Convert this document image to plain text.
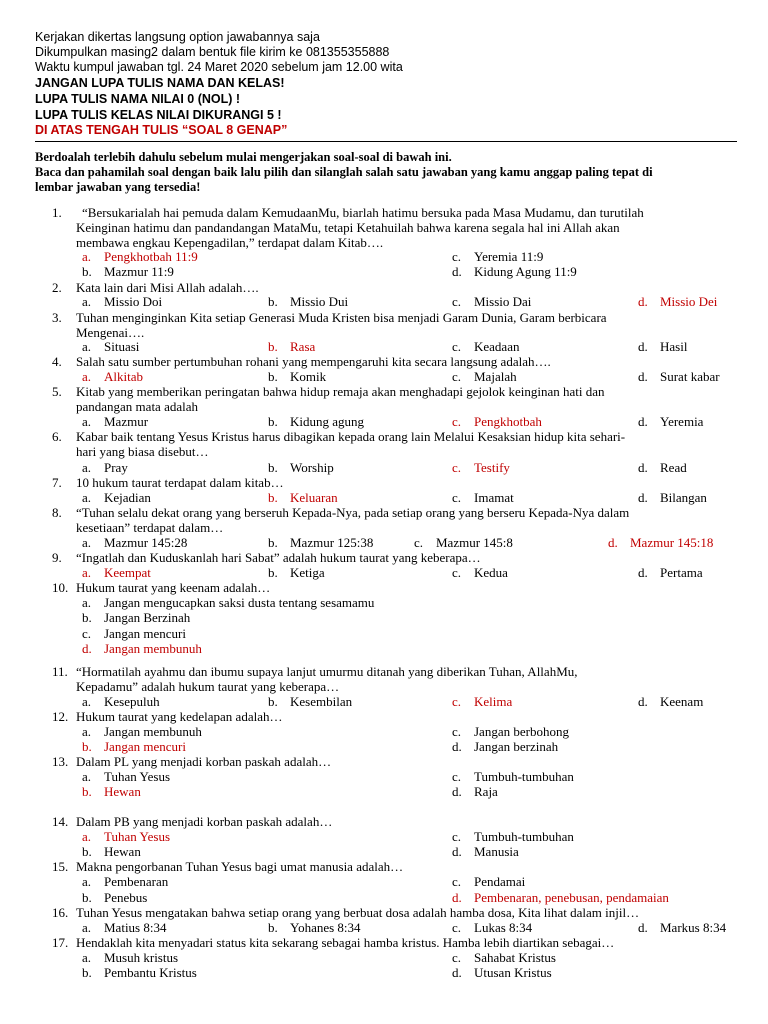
Kerjakan dikertas langsung option jawabannya saja
Dikumpulkan masing2 dalam bentuk file kirim ke 081355355888
Waktu kumpul jawaban tgl. 24 Maret 2020 sebelum jam 12.00 wita
JANGAN LUPA TULIS NAMA DAN KELAS!
LUPA TULIS NAMA NILAI 0 (NOL) !
LUPA TULIS KELAS NILAI DIKURANGI 5 !
DI ATAS TENGAH TULIS “SOAL 8 GENAP”
Berdoalah terlebih dahulu sebelum mulai mengerjakan soal-soal di bawah ini.
Baca dan pahamilah soal dengan baik lalu pilih dan silanglah salah satu jawaban yang kamu anggap paling tepat di
lembar jawaban yang tersedia!
1. “Bersukarialah hai pemuda dalam KemudaanMu, biarlah hatimu bersuka pada Masa Mudamu, dan turutilah
Keinginan hatimu dan pandandangan MataMu, tetapi Ketahuilah bahwa karena segala hal ini Allah akan
membawa engkau Kepengadilan,” terdapat dalam Kitab….
a. Pengkhotbah 11:9	c. Yeremia 11:9
b. Mazmur 11:9	d. Kidung Agung 11:9
2. Kata lain dari Misi Allah adalah….
a. Missio Doi	b. Missio Dui	c. Missio Dai	d. Missio Dei
3. Tuhan menginginkan Kita setiap Generasi Muda Kristen bisa menjadi Garam Dunia, Garam berbicara
Mengenai….
a. Situasi	b. Rasa	c. Keadaan	d. Hasil
4. Salah satu sumber pertumbuhan rohani yang mempengaruhi kita secara langsung adalah….
a. Alkitab	b. Komik	c. Majalah	d. Surat kabar
5. Kitab yang memberikan peringatan bahwa hidup remaja akan menghadapi gejolok keinginan hati dan
pandangan mata adalah
a. Mazmur	b. Kidung agung	c. Pengkhotbah	d. Yeremia
6. Kabar baik tentang Yesus Kristus harus dibagikan kepada orang lain Melalui Kesaksian hidup kita sehari-
hari yang biasa disebut…
a. Pray	b. Worship	c. Testify	d. Read
7. 10 hukum taurat terdapat dalam kitab…
a. Kejadian	b. Keluaran	c. Imamat	d. Bilangan
8. “Tuhan selalu dekat orang yang berseruh Kepada-Nya, pada setiap orang yang berseru Kepada-Nya dalam
kesetiaan” terdapat dalam…
a. Mazmur 145:28	b. Mazmur 125:38	c. Mazmur 145:8	d. Mazmur 145:18
9. “Ingatlah dan Kuduskanlah hari Sabat” adalah hukum taurat yang keberapa…
a. Keempat	b. Ketiga	c. Kedua	d. Pertama
10. Hukum taurat yang keenam adalah…
a. Jangan mengucapkan saksi dusta tentang sesamamu
b. Jangan Berzinah
c. Jangan mencuri
d. Jangan membunuh
11. “Hormatilah ayahmu dan ibumu supaya lanjut umurmu ditanah yang diberikan Tuhan, AllahMu,
Kepadamu” adalah hukum taurat yang keberapa…
a. Kesepuluh	b. Kesembilan	c. Kelima	d. Keenam
12. Hukum taurat yang kedelapan adalah…
a. Jangan membunuh	c. Jangan berbohong
b. Jangan mencuri	d. Jangan berzinah
13. Dalam PL yang menjadi korban paskah adalah…
a. Tuhan Yesus	c. Tumbuh-tumbuhan
b. Hewan	d. Raja
14. Dalam PB yang menjadi korban paskah adalah…
a. Tuhan Yesus	c. Tumbuh-tumbuhan
b. Hewan	d. Manusia
15. Makna pengorbanan Tuhan Yesus bagi umat manusia adalah…
a. Pembenaran	c. Pendamai
b. Penebus	d. Pembenaran, penebusan, pendamaian
16. Tuhan Yesus mengatakan bahwa setiap orang yang berbuat dosa adalah hamba dosa, Kita lihat dalam injil…
a. Matius 8:34	b. Yohanes 8:34	c. Lukas 8:34	d. Markus 8:34
17. Hendaklah kita menyadari status kita sekarang sebagai hamba kristus. Hamba lebih diartikan sebagai…
a. Musuh kristus	c. Sahabat Kristus
b. Pembantu Kristus	d. Utusan Kristus
